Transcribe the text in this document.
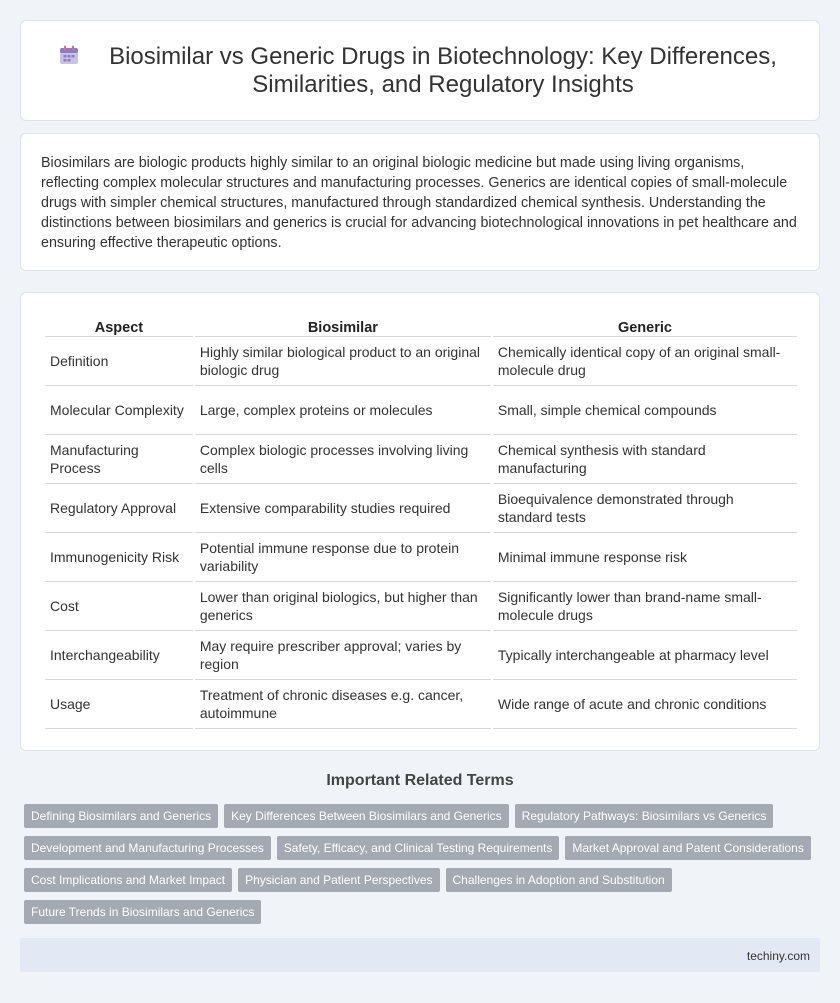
Biosimilar vs Generic Drugs in Biotechnology: Key Differences, Similarities, and Regulatory Insights

Biosimilars are biologic products highly similar to an original biologic medicine but made using living organisms, reflecting complex molecular structures and manufacturing processes. Generics are identical copies of small-molecule drugs with simpler chemical structures, manufactured through standardized chemical synthesis. Understanding the distinctions between biosimilars and generics is crucial for advancing biotechnological innovations in pet healthcare and ensuring effective therapeutic options.

Aspect	Biosimilar	Generic
Definition	Highly similar biological product to an original biologic drug	Chemically identical copy of an original small-molecule drug
Molecular Complexity	Large, complex proteins or molecules	Small, simple chemical compounds
Manufacturing Process	Complex biologic processes involving living cells	Chemical synthesis with standard manufacturing
Regulatory Approval	Extensive comparability studies required	Bioequivalence demonstrated through standard tests
Immunogenicity Risk	Potential immune response due to protein variability	Minimal immune response risk
Cost	Lower than original biologics, but higher than generics	Significantly lower than brand-name small-molecule drugs
Interchangeability	May require prescriber approval; varies by region	Typically interchangeable at pharmacy level
Usage	Treatment of chronic diseases e.g. cancer, autoimmune	Wide range of acute and chronic conditions
Important Related Terms
Defining Biosimilars and Generics	Key Differences Between Biosimilars and Generics	Regulatory Pathways: Biosimilars vs Generics
Development and Manufacturing Processes	Safety, Efficacy, and Clinical Testing Requirements	Market Approval and Patent Considerations
Cost Implications and Market Impact	Physician and Patient Perspectives	Challenges in Adoption and Substitution
Future Trends in Biosimilars and Generics
techiny.com
